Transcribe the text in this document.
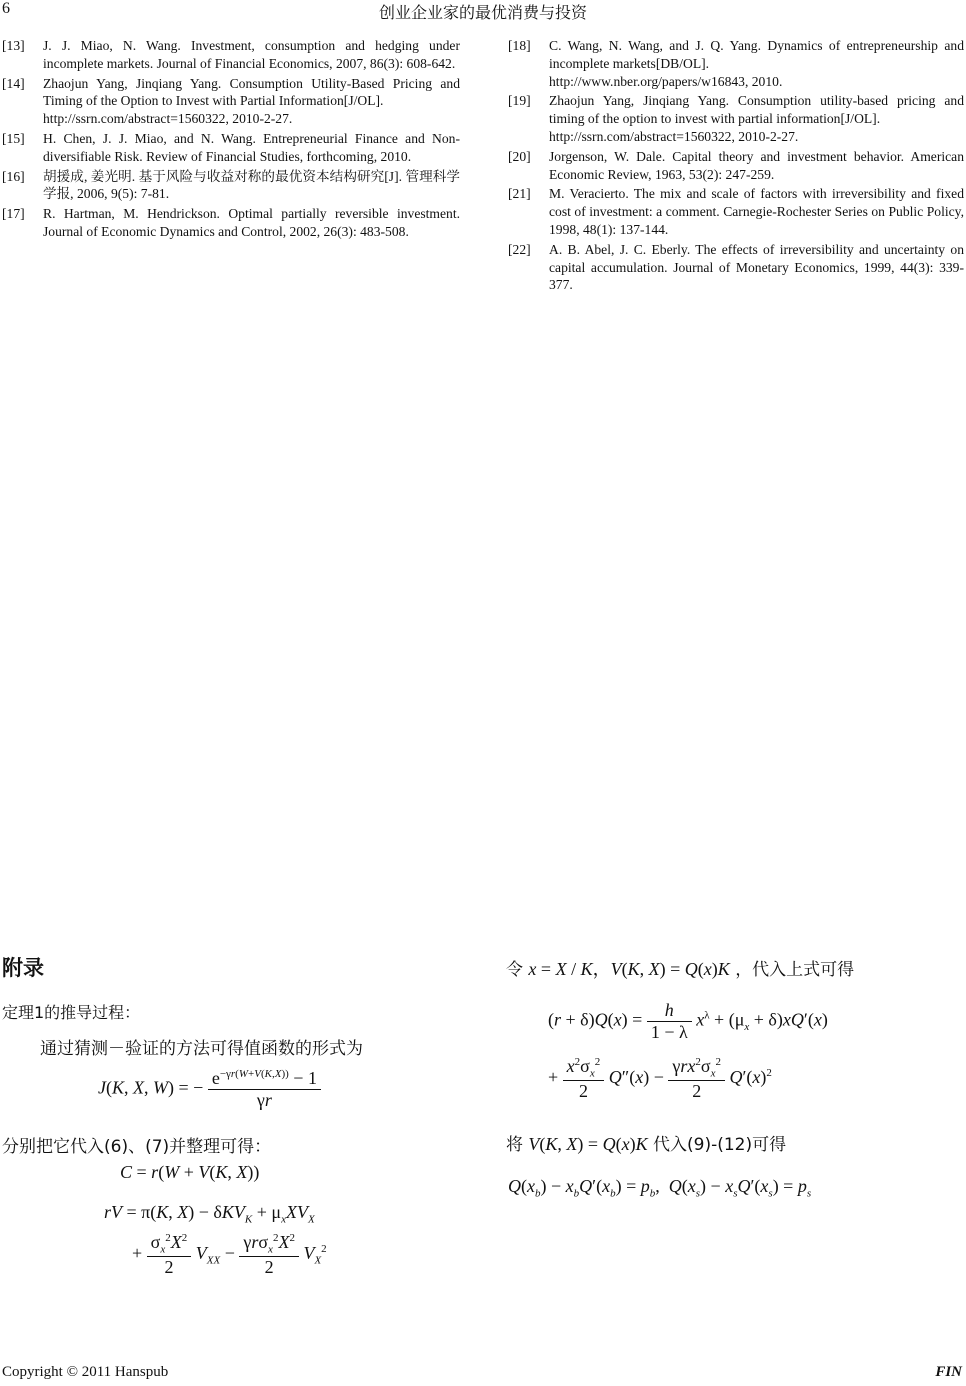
6	创业企业家的最优消费与投资
[13] J. J. Miao, N. Wang. Investment, consumption and hedging under incomplete markets. Journal of Financial Economics, 2007, 86(3): 608-642.
[14] Zhaojun Yang, Jinqiang Yang. Consumption Utility-Based Pricing and Timing of the Option to Invest with Partial Information[J/OL].
http://ssrn.com/abstract=1560322, 2010-2-27.
[15] H. Chen, J. J. Miao, and N. Wang. Entrepreneurial Finance and Non-diversifiable Risk. Review of Financial Studies, forthcoming, 2010.
[16] 胡援成, 姜光明. 基于风险与收益对称的最优资本结构研究[J]. 管理科学学报, 2006, 9(5): 7-81.
[17] R. Hartman, M. Hendrickson. Optimal partially reversible investment. Journal of Economic Dynamics and Control, 2002, 26(3): 483-508.
[18] C. Wang, N. Wang, and J. Q. Yang. Dynamics of entrepreneurship and incomplete markets[DB/OL].
http://www.nber.org/papers/w16843, 2010.
[19] Zhaojun Yang, Jinqiang Yang. Consumption utility-based pricing and timing of the option to invest with partial information[J/OL].
http://ssrn.com/abstract=1560322, 2010-2-27.
[20] Jorgenson, W. Dale. Capital theory and investment behavior. American Economic Review, 1963, 53(2): 247-259.
[21] M. Veracierto. The mix and scale of factors with irreversibility and fixed cost of investment: a comment. Carnegie-Rochester Series on Public Policy, 1998, 48(1): 137-144.
[22] A. B. Abel, J. C. Eberly. The effects of irreversibility and uncertainty on capital accumulation. Journal of Monetary Economics, 1999, 44(3): 339-377.
附录
定理1的推导过程：
通过猜测－验证的方法可得值函数的形式为
J(K, X, W) = − $\frac{e^{-\gamma r(W+V(K,X))} - 1}{\gamma r}$
分别把它代入(6)、(7)并整理可得：
C = r(W + V(K, X))
rV = π(K, $X) - \delta KV_K + \mu_xXV_X$
+ $\frac{\sigma_x^2X^2}{2} V_{XX} - \frac{\gamma r\sigma_x^2X^2}{2} V_X^2$
令 x = X / K，V(K, X) = Q(x)K ，代入上式可得
$(r + \delta)Q(x) = \frac{h}{1 - \lambda} x^\lambda + (\mu_x + \delta)xQ'(x)$
+ $\frac{x^2\sigma_x^2}{2} Q''(x) - \frac{\gamma rx^2\sigma_x^2}{2} Q'(x)^2$
将 V(K, X) = Q(x)K 代入(9)-(12)可得
$Q(x_b) - x_bQ'(x_b) = p_b$,  $Q(x_s) - x_sQ'(x_s) = p_s$
Copyright © 2011 Hanspub	FIN
